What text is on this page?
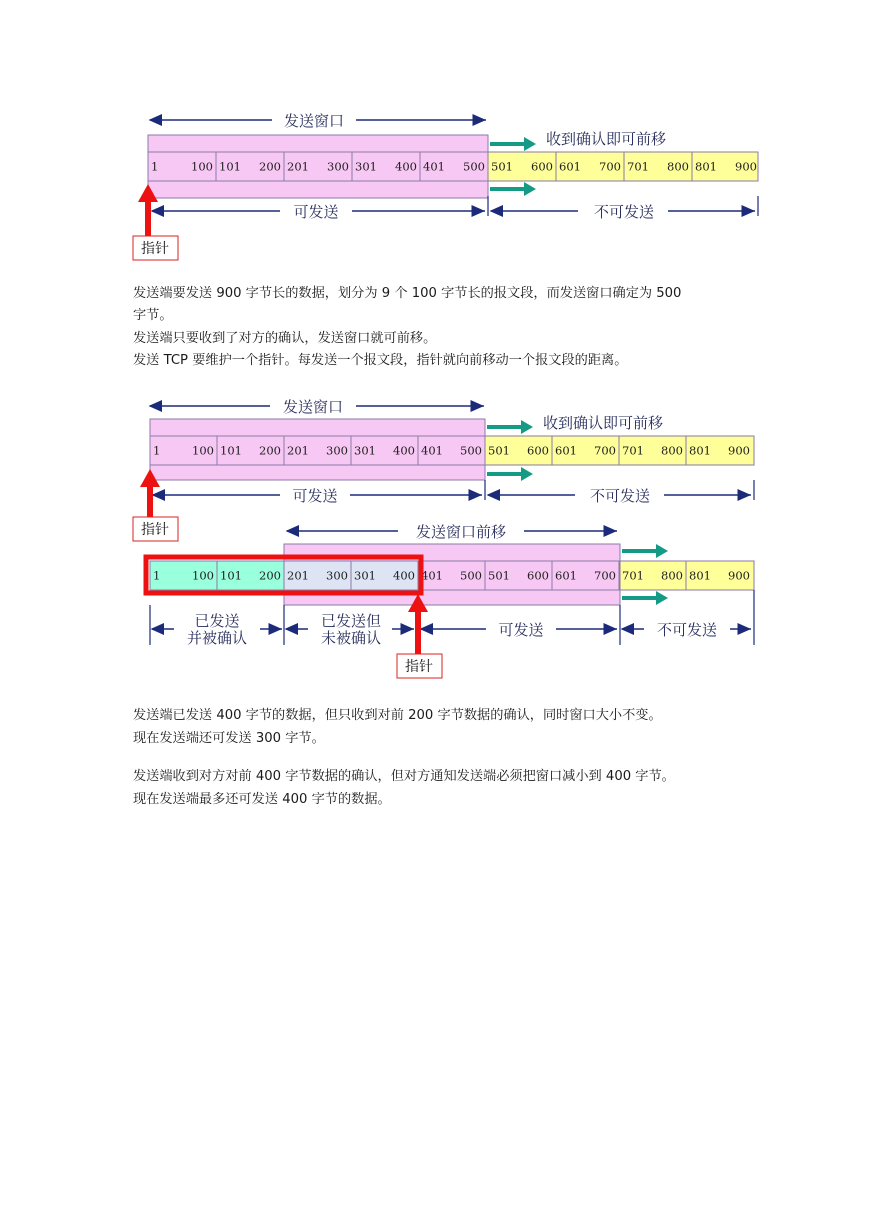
发送窗口
1	100 101 200 201 300 301 400 401 500 501 600 601 700 701 800 801 900
收到确认即可前移
可发送	不可发送
指针
发送窗口
1	100 101 200 201 300 301 400 401 500 501 600 601 700 701 800 801 900
收到确认即可前移
可发送	不可发送
指针	发送窗口前移
1	100 101 200 201 300 301 400 401 500 501 600 601 700 701 800 801 900
已发送
并被确认
已发送但
未被确认	可发送	不可发送
指针

发送端要发送 900 字节长的数据，划分为 9 个 100 字节长的报文段，而发送窗口确定为 500

字节。

发送端只要收到了对方的确认，发送窗口就可前移。

发送 TCP 要维护一个指针。每发送一个报文段，指针就向前移动一个报文段的距离。

发送端已发送 400 字节的数据，但只收到对前 200 字节数据的确认，同时窗口大小不变。

现在发送端还可发送 300 字节。

发送端收到对方对前 400 字节数据的确认，但对方通知发送端必须把窗口减小到 400 字节。

现在发送端最多还可发送 400 字节的数据。
